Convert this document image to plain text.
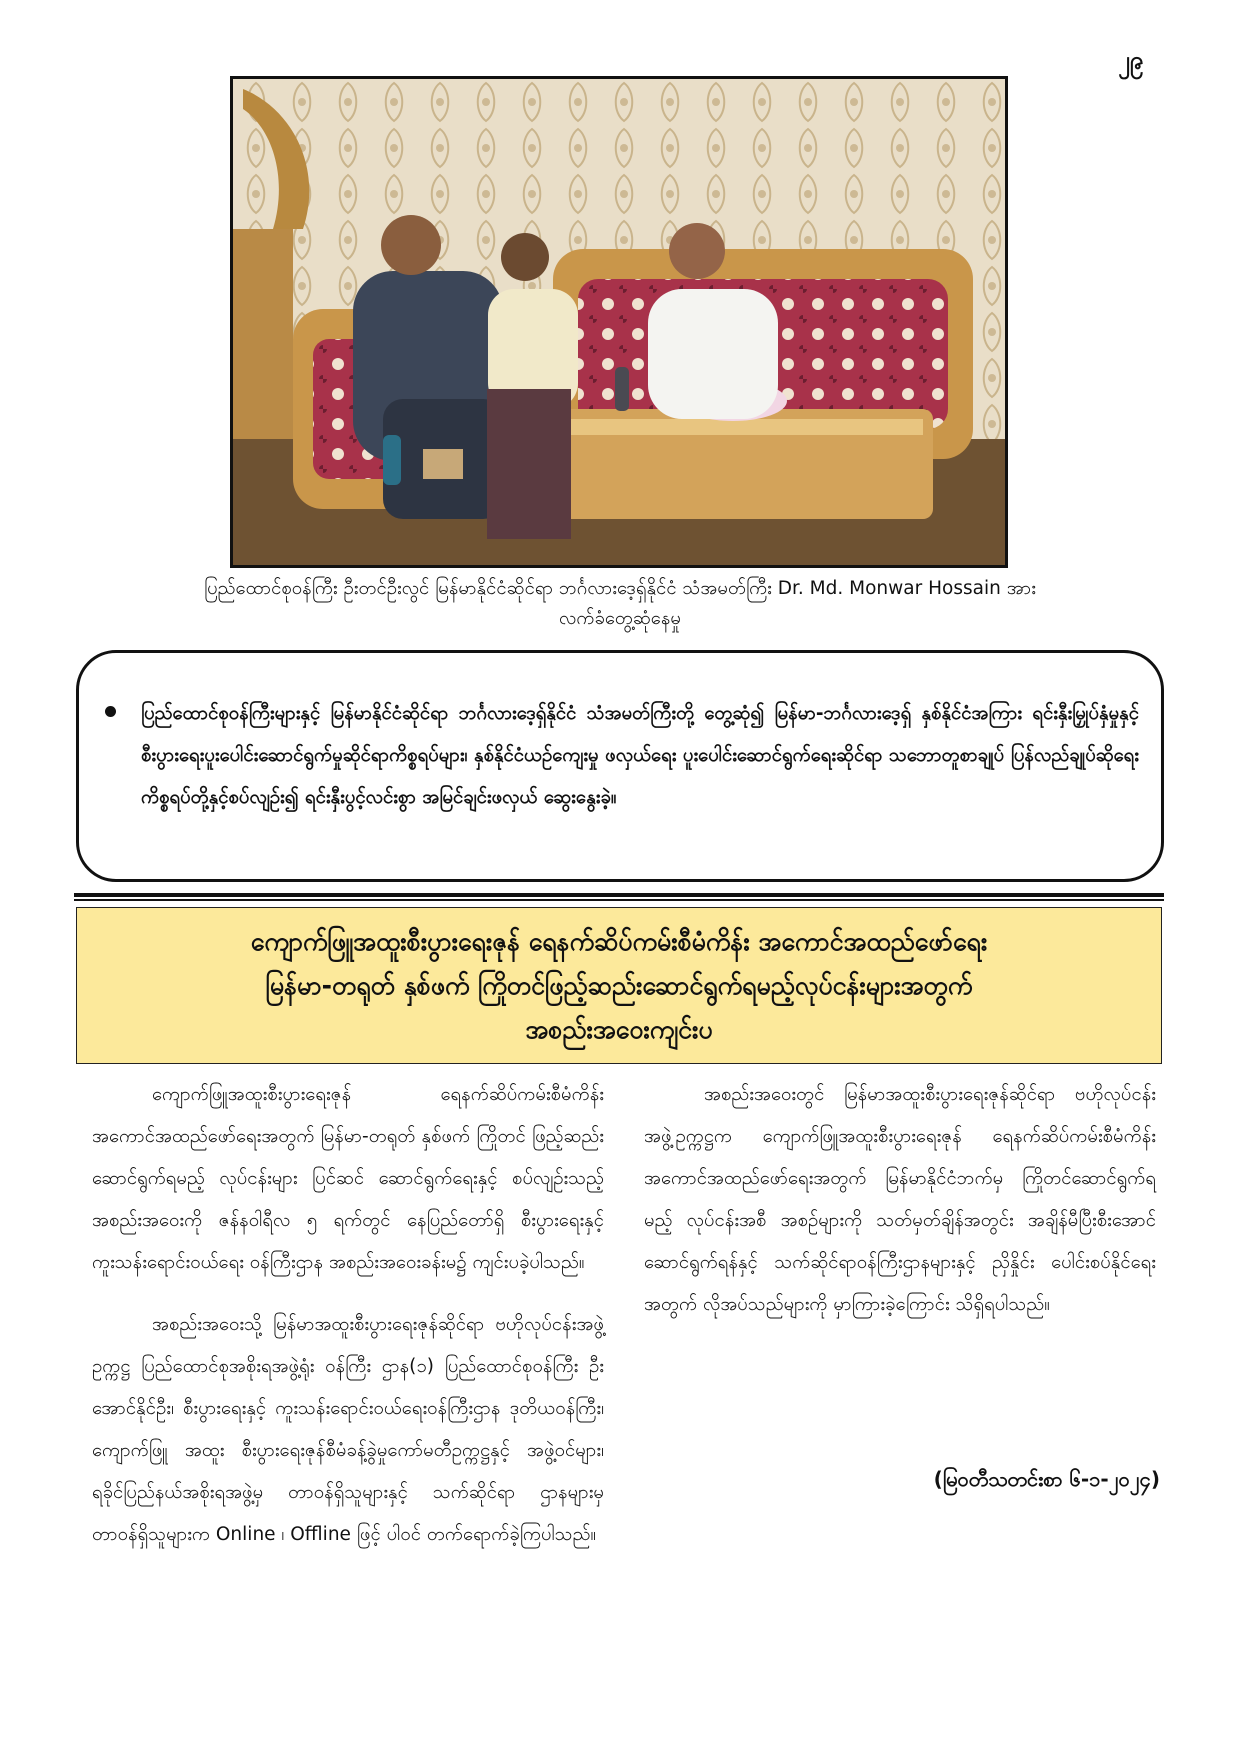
၂၉
ပြည်ထောင်စုဝန်ကြီး ဦးတင်ဦးလွင် မြန်မာနိုင်ငံဆိုင်ရာ ဘင်္ဂလားဒေ့ရှ်နိုင်ငံ သံအမတ်ကြီး Dr. Md. Monwar Hossain အား
လက်ခံတွေ့ဆုံနေမှု
ပြည်ထောင်စုဝန်ကြီးများနှင့် မြန်မာနိုင်ငံဆိုင်ရာ ဘင်္ဂလားဒေ့ရှ်နိုင်ငံ သံအမတ်ကြီးတို့ တွေ့ဆုံ၍ မြန်မာ-ဘင်္ဂလားဒေ့ရှ် နှစ်နိုင်ငံအကြား ရင်းနှီးမြှုပ်နှံမှုနှင့် စီးပွားရေးပူးပေါင်းဆောင်ရွက်မှုဆိုင်ရာကိစ္စရပ်များ၊ နှစ်နိုင်ငံယဉ်ကျေးမှု ဖလှယ်ရေး ပူးပေါင်းဆောင်ရွက်ရေးဆိုင်ရာ သဘောတူစာချုပ် ပြန်လည်ချုပ်ဆိုရေးကိစ္စရပ်တို့နှင့်စပ်လျဉ်း၍ ရင်းနှီးပွင့်လင်းစွာ အမြင်ချင်းဖလှယ် ဆွေးနွေးခဲ့။
ကျောက်ဖြူအထူးစီးပွားရေးဇုန် ရေနက်ဆိပ်ကမ်းစီမံကိန်း အကောင်အထည်ဖော်ရေး
မြန်မာ-တရုတ် နှစ်ဖက် ကြိုတင်ဖြည့်ဆည်းဆောင်ရွက်ရမည့်လုပ်ငန်းများအတွက်
အစည်းအဝေးကျင်းပ

ကျောက်ဖြူအထူးစီးပွားရေးဇုန် ရေနက်ဆိပ်ကမ်းစီမံကိန်း အကောင်အထည်ဖော်ရေးအတွက် မြန်မာ-တရုတ် နှစ်ဖက် ကြိုတင် ဖြည့်ဆည်းဆောင်ရွက်ရမည့် လုပ်ငန်းများ ပြင်ဆင် ဆောင်ရွက်ရေးနှင့် စပ်လျဉ်းသည့်အစည်းအဝေးကို ဇန်နဝါရီလ ၅ ရက်တွင် နေပြည်တော်ရှိ စီးပွားရေးနှင့် ကူးသန်းရောင်းဝယ်ရေး ဝန်ကြီးဌာန အစည်းအဝေးခန်းမ၌ ကျင်းပခဲ့ပါသည်။

အစည်းအဝေးသို့ မြန်မာအထူးစီးပွားရေးဇုန်ဆိုင်ရာ ဗဟိုလုပ်ငန်းအဖွဲ့ဥက္ကဋ္ဌ ပြည်ထောင်စုအစိုးရအဖွဲ့ရုံး ဝန်ကြီး ဌာန(၁) ပြည်ထောင်စုဝန်ကြီး ဦးအောင်နိုင်ဦး၊ စီးပွားရေးနှင့် ကူးသန်းရောင်းဝယ်ရေးဝန်ကြီးဌာန ဒုတိယဝန်ကြီး၊ ကျောက်ဖြူ အထူး စီးပွားရေးဇုန်စီမံခန့်ခွဲမှုကော်မတီဥက္ကဋ္ဌနှင့် အဖွဲ့ဝင်များ၊ ရခိုင်ပြည်နယ်အစိုးရအဖွဲ့မှ တာဝန်ရှိသူများနှင့် သက်ဆိုင်ရာ ဌာနများမှ တာဝန်ရှိသူများက Online ၊ Offline ဖြင့် ပါဝင် တက်ရောက်ခဲ့ကြပါသည်။

အစည်းအဝေးတွင် မြန်မာအထူးစီးပွားရေးဇုန်ဆိုင်ရာ ဗဟိုလုပ်ငန်းအဖွဲ့ဥက္ကဋ္ဌက ကျောက်ဖြူအထူးစီးပွားရေးဇုန် ရေနက်ဆိပ်ကမ်းစီမံကိန်း အကောင်အထည်ဖော်ရေးအတွက် မြန်မာနိုင်ငံဘက်မှ ကြိုတင်ဆောင်ရွက်ရမည့် လုပ်ငန်းအစီ အစဉ်များကို သတ်မှတ်ချိန်အတွင်း အချိန်မီပြီးစီးအောင် ဆောင်ရွက်ရန်နှင့် သက်ဆိုင်ရာဝန်ကြီးဌာနများနှင့် ညှိနှိုင်း ပေါင်းစပ်နိုင်ရေးအတွက် လိုအပ်သည်များကို မှာကြားခဲ့ကြောင်း သိရှိရပါသည်။

(မြဝတီသတင်းစာ ၆-၁-၂၀၂၄)
